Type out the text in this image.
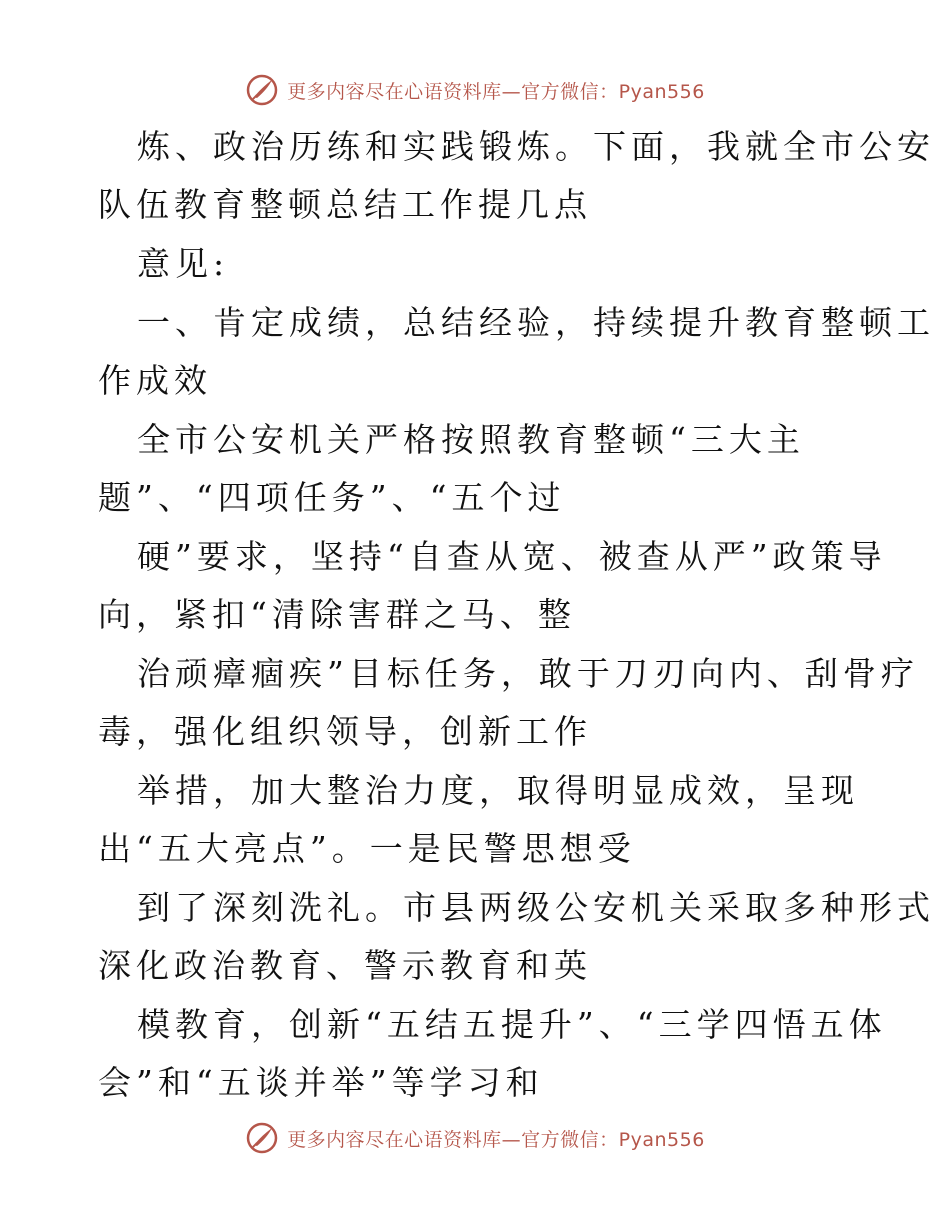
更多内容尽在心语资料库—官方微信：Pyan556
炼、政治历练和实践锻炼。下面，我就全市公安
队伍教育整顿总结工作提几点
意见:
一、肯定成绩，总结经验，持续提升教育整顿工
作成效
全市公安机关严格按照教育整顿“三大主
题”、“四项任务”、“五个过
硬”要求，坚持“自查从宽、被查从严”政策导
向，紧扣“清除害群之马、整
治顽瘴痼疾”目标任务，敢于刀刃向内、刮骨疗
毒，强化组织领导，创新工作
举措，加大整治力度，取得明显成效，呈现
出“五大亮点”。一是民警思想受
到了深刻洗礼。市县两级公安机关采取多种形式
深化政治教育、警示教育和英
模教育，创新“五结五提升”、“三学四悟五体
会”和“五谈并举”等学习和
更多内容尽在心语资料库—官方微信：Pyan556
